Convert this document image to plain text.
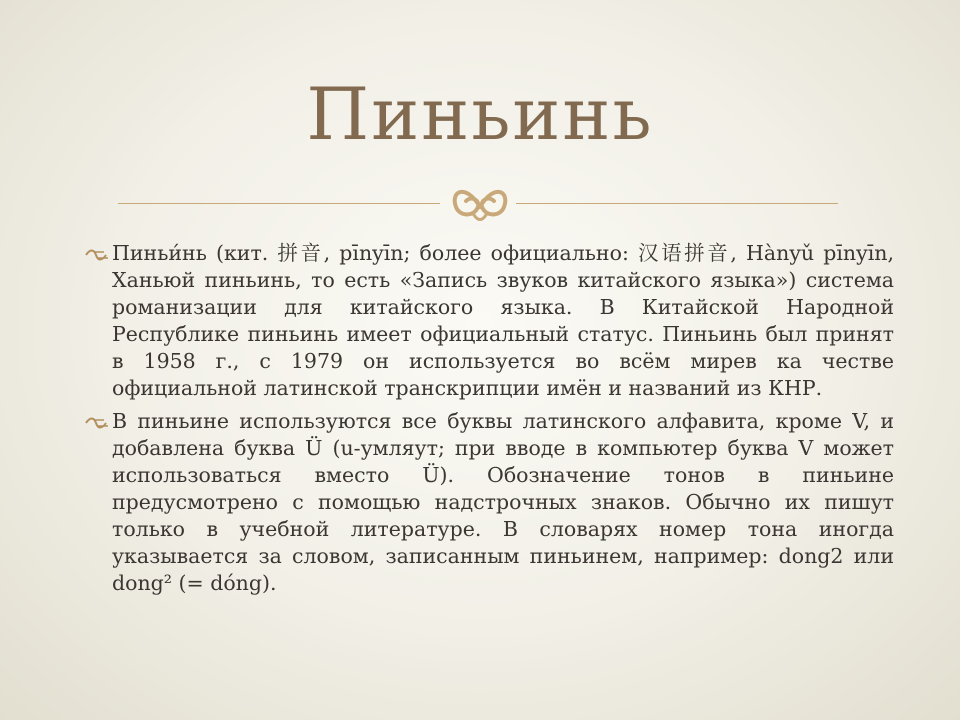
Пиньинь

Пиньи́нь (кит. 拼音, pīnyīn; более официально: 汉语拼音, Hànyǔ pīnyīn, Ханьюй пиньинь, то есть «Запись звуков китайского языка») система романизации для китайского языка. В Китайской Народной Республике пиньинь имеет официальный статус. Пиньинь был принят в 1958 г., с 1979 он используется во всём мирев ка честве официальной латинской транскрипции имён и названий из КНР.

В пиньине используются все буквы латинского алфавита, кроме V, и добавлена буква Ü (u-умляут; при вводе в компьютер буква V может использоваться вместо Ü). Обозначение тонов в пиньине предусмотрено с помощью надстрочных знаков. Обычно их пишут только в учебной литературе. В словарях номер тона иногда указывается за словом, записанным пиньинем, например: dong2 или dong² (= dóng).
